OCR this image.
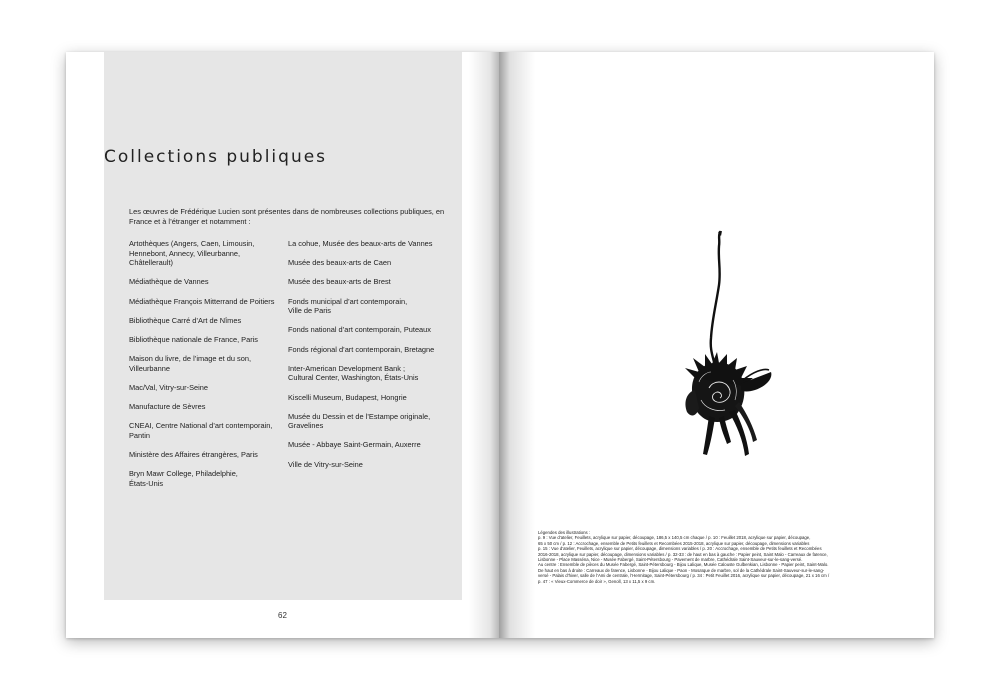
Collections publiques

Les œuvres de Frédérique Lucien sont présentes dans de nombreuses collections publiques, en France et à l’étranger et notamment :

Artothèques (Angers, Caen, Limousin,
Hennebont, Annecy, Villeurbanne,
Châtellerault)
Médiathèque de Vannes
Médiathèque François Mitterrand de Poitiers
Bibliothèque Carré d’Art de Nîmes
Bibliothèque nationale de France, Paris
Maison du livre, de l’image et du son,
Villeurbanne
Mac/Val, Vitry-sur-Seine
Manufacture de Sèvres
CNEAI, Centre National d’art contemporain,
Pantin
Ministère des Affaires étrangères, Paris
Bryn Mawr College, Philadelphie,
États-Unis
La cohue, Musée des beaux-arts de Vannes
Musée des beaux-arts de Caen
Musée des beaux-arts de Brest
Fonds municipal d’art contemporain,
Ville de Paris
Fonds national d’art contemporain, Puteaux
Fonds régional d’art contemporain, Bretagne
Inter-American Development Bank ;
Cultural Center, Washington, États-Unis
Kiscelli Museum, Budapest, Hongrie
Musée du Dessin et de l’Estampe originale,
Gravelines
Musée - Abbaye Saint-Germain, Auxerre
Ville de Vitry-sur-Seine
62

Légendes des illustrations :

p. 9 : Vue d’atelier, Feuillets, acrylique sur papier, découpage, 186,5 x 140,5 cm chaque / p. 10 : Feuillet 2018, acrylique sur papier, découpage,

65 x 50 cm / p. 12 : Accrochage, ensemble de Petits feuillets et Recombées 2015-2018, acrylique sur papier, découpage, dimensions variables

p. 15 : Vue d’atelier, Feuillets, acrylique sur papier, découpage, dimensions variables / p. 20 : Accrochage, ensemble de Petits feuillets et Recombées

2016-2018, acrylique sur papier, découpage, dimensions variables / p. 32-33 : de haut en bas à gauche : Papier peint, Saint Malo - Carreaux de faïence,

Lisbonne - Place Masséna, Nice - Musée Fabergé, Saint-Pétersbourg - Pavement de marbre, Cathédrale Saint-Sauveur-sur-le-sang-versé.

Au centre : Ensemble de pièces du Musée Fabergé, Saint-Pétersbourg - Bijou Lalique, Musée Calouste Gulbenkian, Lisbonne - Papier peint, Saint-Malo.

De haut en bas à droite : Carreaux de faïence, Lisbonne - Bijou Lalique - Paon - Mosaïque de marbre, sol de la Cathédrale Saint-Sauveur-sur-le-sang-

versé - Palais d’hiver, salle de l’Ami de centrale, l’Hermitage, Saint-Pétersbourg / p. 34 : Petit Feuillet 2016, acrylique sur papier, découpage, 21 x 16 cm /

p. 47 : « Vieux-Commerce de doir », Genoll, 13 x 11,5 x 9 cm.
